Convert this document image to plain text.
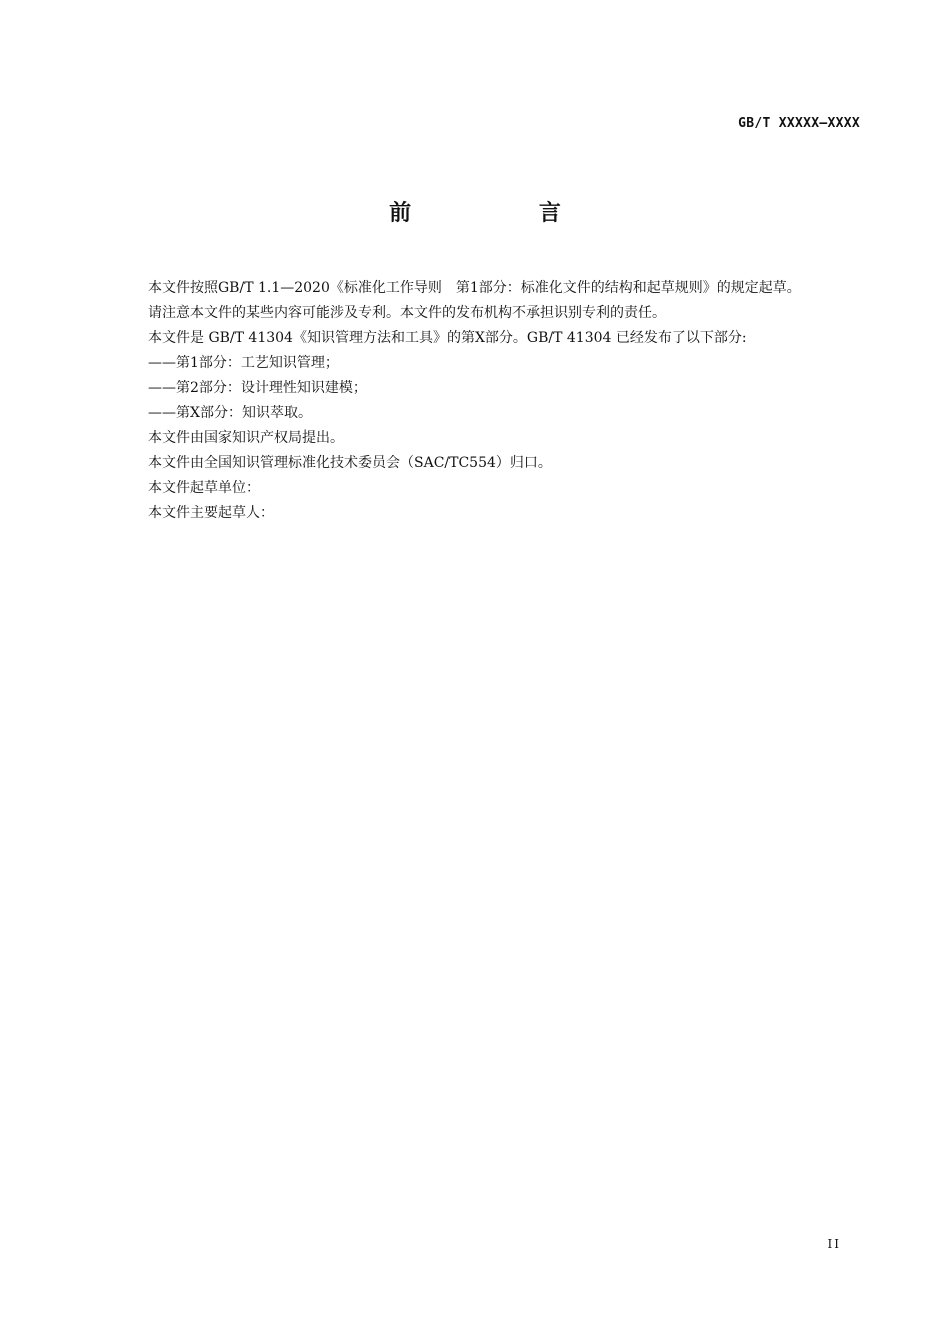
GB/T XXXXX—XXXX
前 言

本文件按照GB/T 1.1—2020《标准化工作导则　第1部分：标准化文件的结构和起草规则》的规定起草。

请注意本文件的某些内容可能涉及专利。本文件的发布机构不承担识别专利的责任。

本文件是 GB/T 41304《知识管理方法和工具》的第X部分。GB/T 41304 已经发布了以下部分:

——第1部分：工艺知识管理；

——第2部分：设计理性知识建模；

——第X部分：知识萃取。

本文件由国家知识产权局提出。

本文件由全国知识管理标准化技术委员会（SAC/TC554）归口。

本文件起草单位：

本文件主要起草人：

II
